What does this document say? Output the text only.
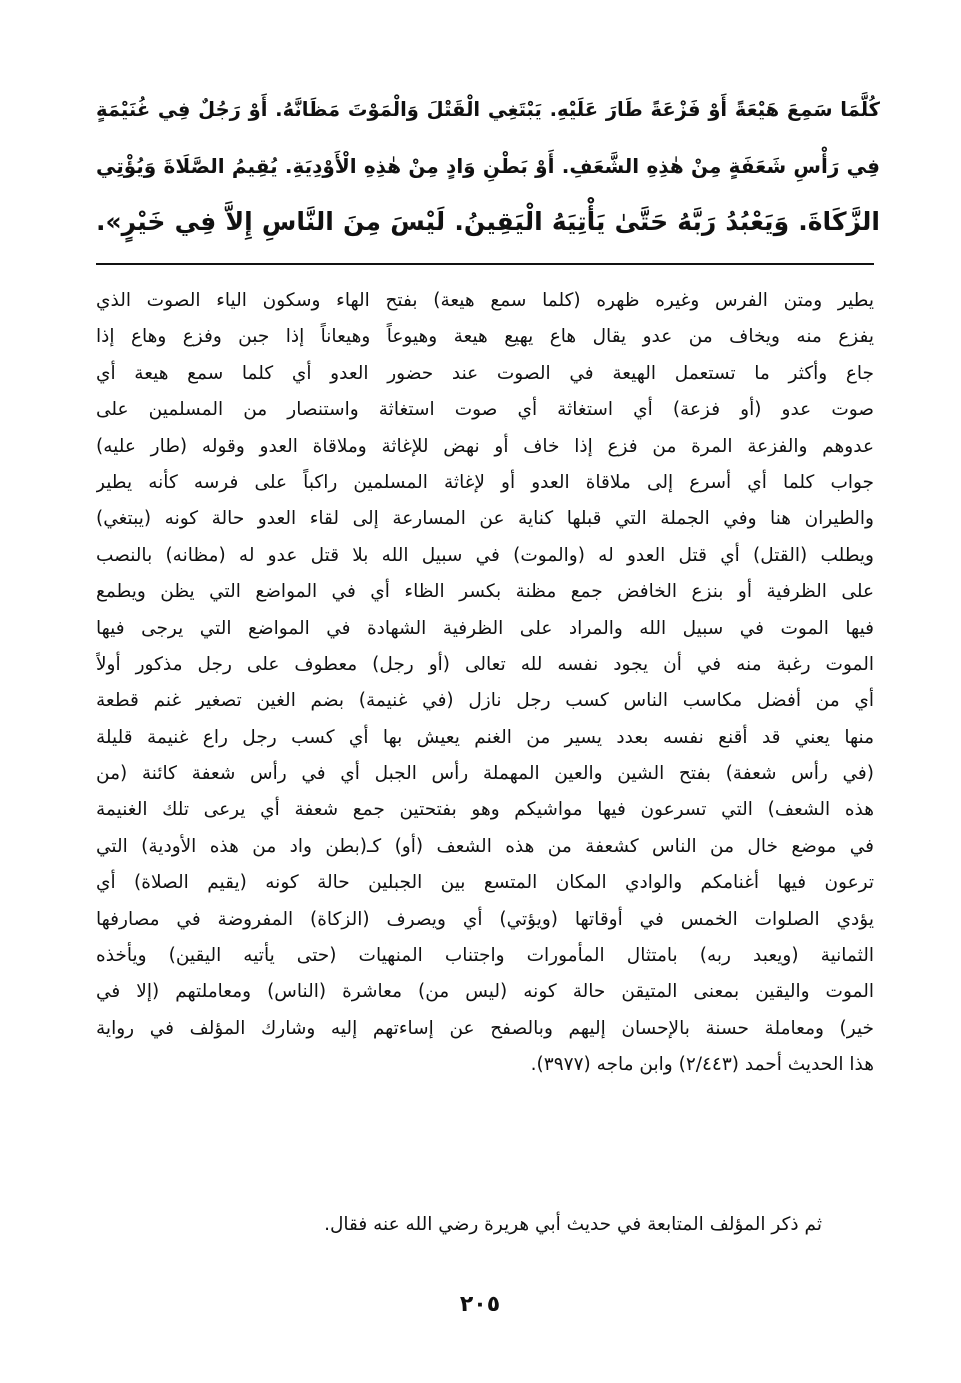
كُلَّمَا سَمِعَ هَيْعَةً أَوْ فَزْعَةً طَارَ عَلَيْهِ. يَبْتَغِي الْقَتْلَ وَالْمَوْتَ مَظَانَّهُ. أَوْ رَجُلٌ فِي غُنَيْمَةٍ
فِي رَأْسِ شَعَفَةٍ مِنْ هٰذِهِ الشَّعَفِ. أَوْ بَطْنِ وَادٍ مِنْ هٰذِهِ الْأَوْدِيَةِ. يُقِيمُ الصَّلَاةَ وَيُؤْتِي
الزَّكَاةَ. وَيَعْبُدُ رَبَّهُ حَتَّىٰ يَأْتِيَهُ الْيَقِينُ. لَيْسَ مِنَ النَّاسِ إِلاَّ فِي خَيْرٍ».
يطير ومتن الفرس وغيره ظهره (كلما سمع هيعة) بفتح الهاء وسكون الياء الصوت الذي
يفزع منه ويخاف من عدو يقال هاع يهيع هيعة وهيوعاً وهيعاناً إذا جبن وفزع وهاع إذا
جاع وأكثر ما تستعمل الهيعة في الصوت عند حضور العدو أي كلما سمع هيعة أي
صوت عدو (أو فزعة) أي استغاثة أي صوت استغاثة واستنصار من المسلمين على
عدوهم والفزعة المرة من فزع إذا خاف أو نهض للإغاثة وملاقاة العدو وقوله (طار عليه)
جواب كلما أي أسرع إلى ملاقاة العدو أو لإغاثة المسلمين راكباً على فرسه كأنه يطير
والطيران هنا وفي الجملة التي قبلها كناية عن المسارعة إلى لقاء العدو حالة كونه (يبتغي)
ويطلب (القتل) أي قتل العدو له (والموت) في سبيل الله بلا قتل عدو له (مظانه) بالنصب
على الظرفية أو بنزع الخافض جمع مظنة بكسر الظاء أي في المواضع التي يظن ويطمع
فيها الموت في سبيل الله والمراد على الظرفية الشهادة في المواضع التي يرجى فيها
الموت رغبة منه في أن يجود نفسه لله تعالى (أو رجل) معطوف على رجل مذكور أولاً
أي من أفضل مكاسب الناس كسب رجل نازل (في غنيمة) بضم الغين تصغير غنم قطعة
منها يعني قد أقنع نفسه بعدد يسير من الغنم يعيش بها أي كسب رجل راع غنيمة قليلة
(في رأس شعفة) بفتح الشين والعين المهملة رأس الجبل أي في رأس شعفة كائنة (من
هذه الشعف) التي تسرعون فيها مواشيكم وهو بفتحتين جمع شعفة أي يرعى تلك الغنيمة
في موضع خال من الناس كشعفة من هذه الشعف (أو) كـ(بطن واد من هذه الأودية) التي
ترعون فيها أغنامكم والوادي المكان المتسع بين الجبلين حالة كونه (يقيم الصلاة) أي
يؤدي الصلوات الخمس في أوقاتها (ويؤتي) أي ويصرف (الزكاة) المفروضة في مصارفها
الثمانية (ويعبد ربه) بامتثال المأمورات واجتناب المنهيات (حتى يأتيه اليقين) ويأخذه
الموت واليقين بمعنى المتيقن حالة كونه (ليس من) معاشرة (الناس) ومعاملتهم (إلا في
خير) ومعاملة حسنة بالإحسان إليهم وبالصفح عن إساءتهم إليه وشارك المؤلف في رواية
هذا الحديث أحمد (٢/٤٤٣) وابن ماجه (٣٩٧٧).
ثم ذكر المؤلف المتابعة في حديث أبي هريرة رضي الله عنه فقال.
٢٠٥
